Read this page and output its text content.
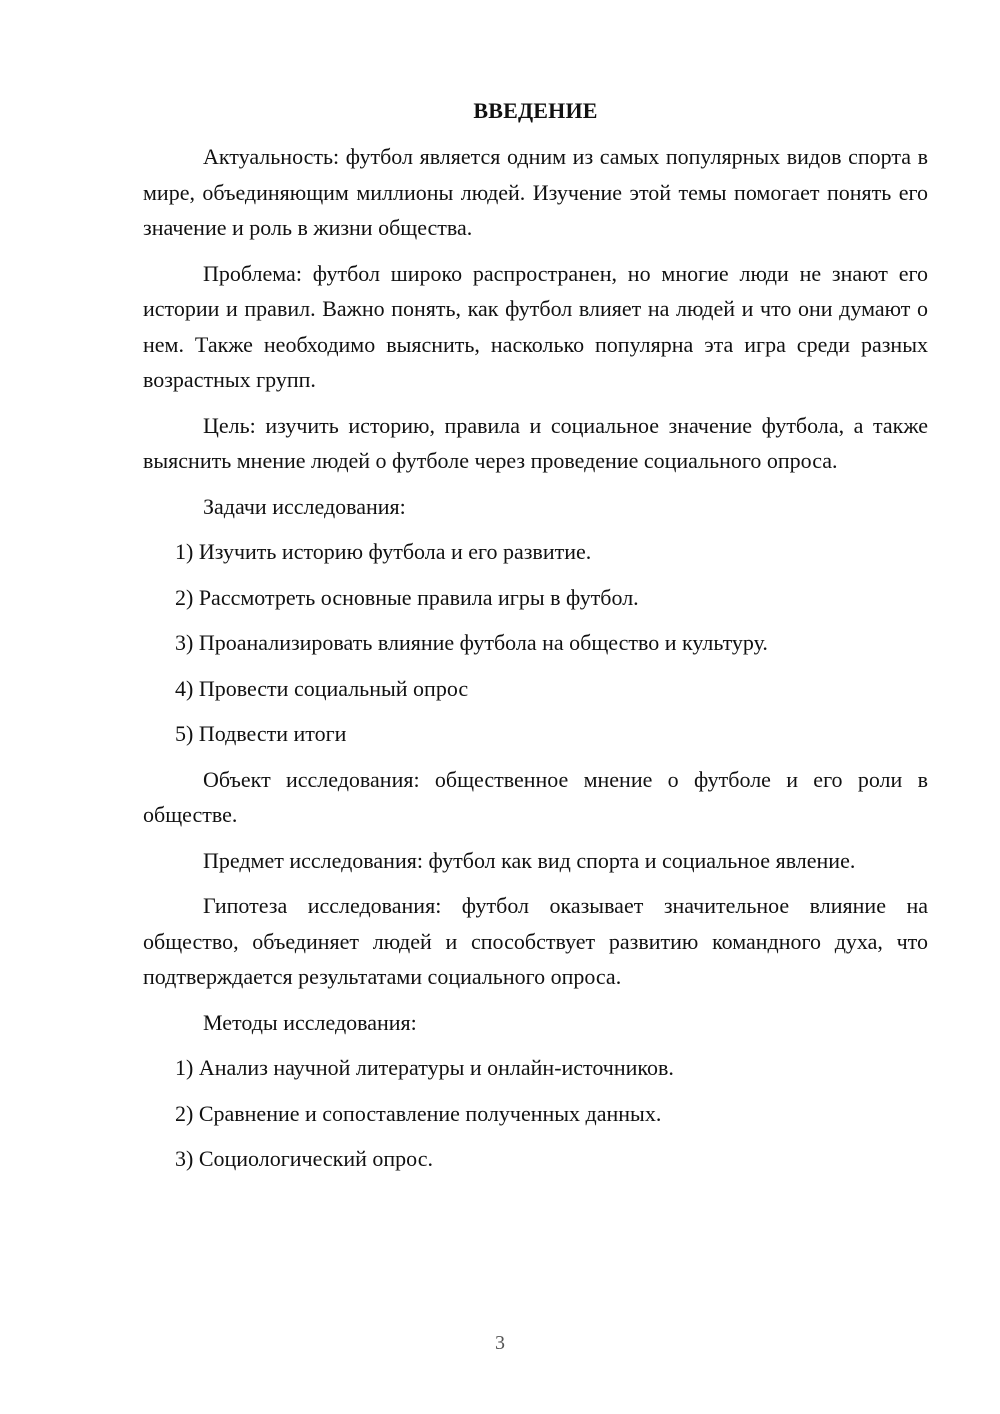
ВВЕДЕНИЕ

Актуальность: футбол является одним из самых популярных видов спорта в мире, объединяющим миллионы людей. Изучение этой темы помогает понять его значение и роль в жизни общества.

Проблема: футбол широко распространен, но многие люди не знают его истории и правил. Важно понять, как футбол влияет на людей и что они думают о нем. Также необходимо выяснить, насколько популярна эта игра среди разных возрастных групп.

Цель: изучить историю, правила и социальное значение футбола, а также выяснить мнение людей о футболе через проведение социального опроса.

Задачи исследования:

1) Изучить историю футбола и его развитие.

2) Рассмотреть основные правила игры в футбол.

3) Проанализировать влияние футбола на общество и культуру.

4) Провести социальный опрос

5) Подвести итоги

Объект исследования: общественное мнение о футболе и его роли в обществе.

Предмет исследования: футбол как вид спорта и социальное явление.

Гипотеза исследования: футбол оказывает значительное влияние на общество, объединяет людей и способствует развитию командного духа, что подтверждается результатами социального опроса.

Методы исследования:

1) Анализ научной литературы и онлайн-источников.

2) Сравнение и сопоставление полученных данных.

3) Социологический опрос.

3
